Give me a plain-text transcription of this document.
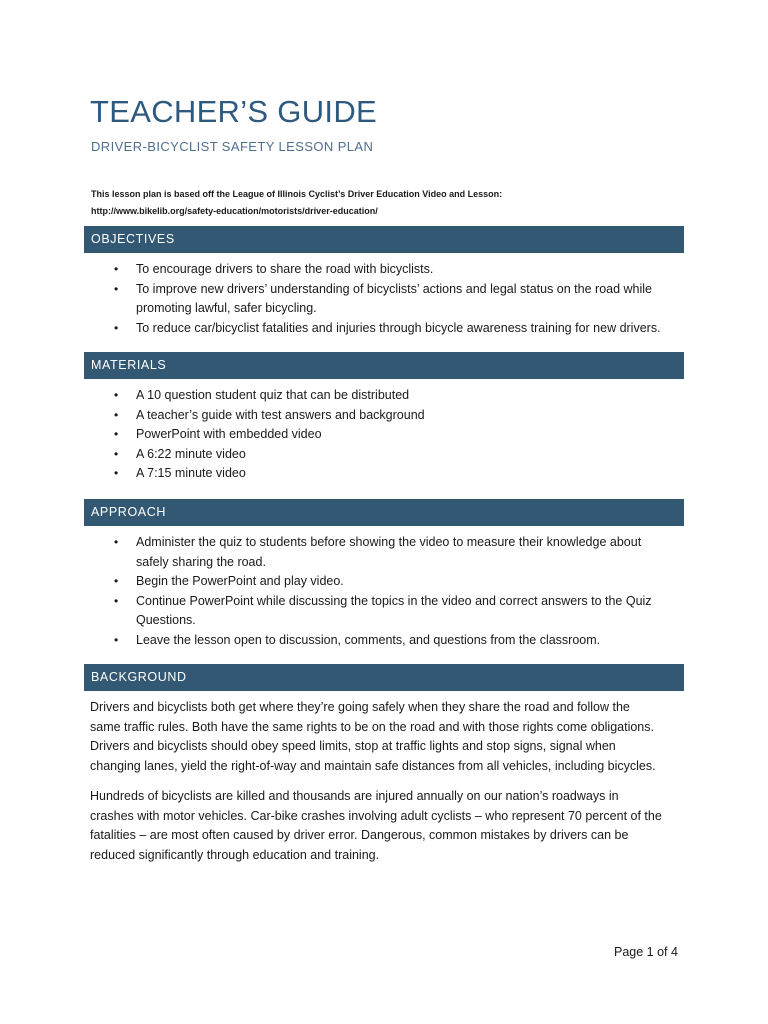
TEACHER’S GUIDE
DRIVER-BICYCLIST SAFETY LESSON PLAN
This lesson plan is based off the League of Illinois Cyclist’s Driver Education Video and Lesson:
http://www.bikelib.org/safety-education/motorists/driver-education/
OBJECTIVES
• To encourage drivers to share the road with bicyclists.
• To improve new drivers’ understanding of bicyclists’ actions and legal status on the road while
promoting lawful, safer bicycling.
• To reduce car/bicyclist fatalities and injuries through bicycle awareness training for new drivers.
MATERIALS
• A 10 question student quiz that can be distributed
• A teacher’s guide with test answers and background
• PowerPoint with embedded video
• A 6:22 minute video
• A 7:15 minute video
APPROACH
• Administer the quiz to students before showing the video to measure their knowledge about
safely sharing the road.
• Begin the PowerPoint and play video.
• Continue PowerPoint while discussing the topics in the video and correct answers to the Quiz
Questions.
• Leave the lesson open to discussion, comments, and questions from the classroom.
BACKGROUND
Drivers and bicyclists both get where they’re going safely when they share the road and follow the
same traffic rules. Both have the same rights to be on the road and with those rights come obligations.
Drivers and bicyclists should obey speed limits, stop at traffic lights and stop signs, signal when
changing lanes, yield the right-of-way and maintain safe distances from all vehicles, including bicycles.
Hundreds of bicyclists are killed and thousands are injured annually on our nation’s roadways in
crashes with motor vehicles. Car-bike crashes involving adult cyclists – who represent 70 percent of the
fatalities – are most often caused by driver error. Dangerous, common mistakes by drivers can be
reduced significantly through education and training.
Page 1 of 4
